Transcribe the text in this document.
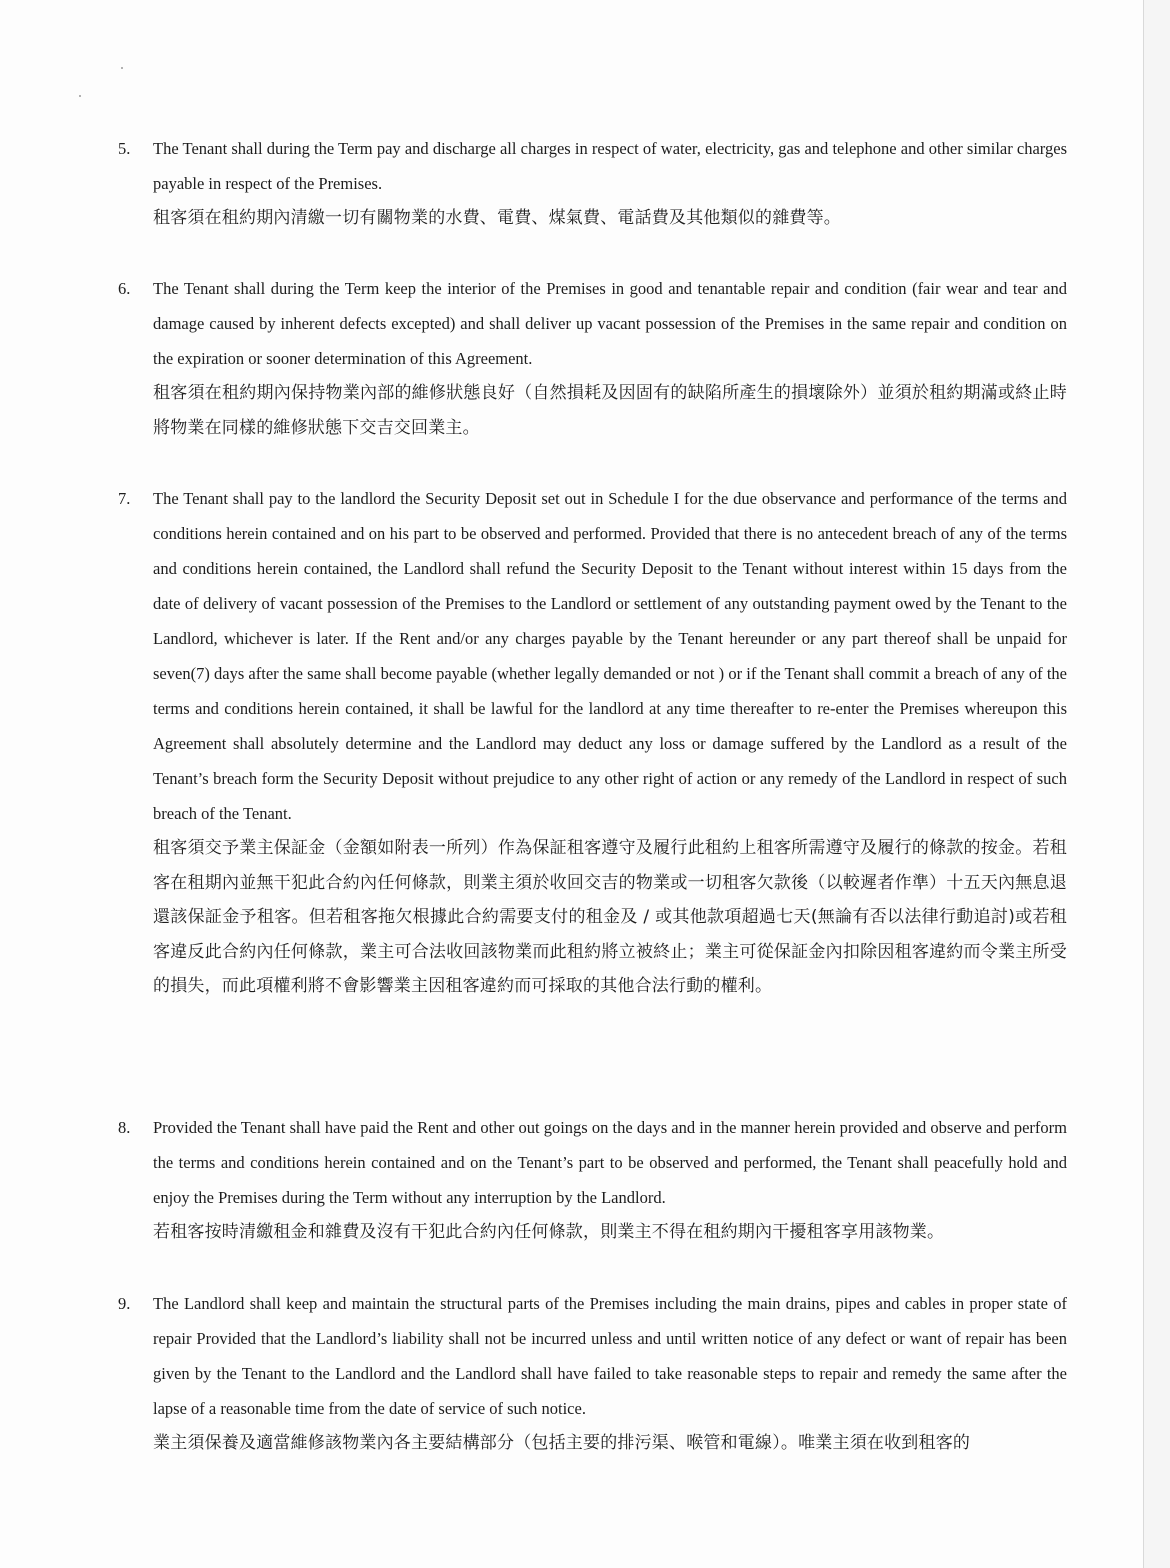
5. The Tenant shall during the Term pay and discharge all charges in respect of water, electricity, gas and telephone and other similar charges payable in respect of the Premises.

租客須在租約期內清繳一切有關物業的水費、電費、煤氣費、電話費及其他類似的雜費等。

6. The Tenant shall during the Term keep the interior of the Premises in good and tenantable repair and condition (fair wear and tear and damage caused by inherent defects excepted) and shall deliver up vacant possession of the Premises in the same repair and condition on the expiration or sooner determination of this Agreement.

租客須在租約期內保持物業內部的維修狀態良好（自然損耗及因固有的缺陷所產生的損壞除外）並須於租約期滿或終止時將物業在同樣的維修狀態下交吉交回業主。

7. The Tenant shall pay to the landlord the Security Deposit set out in Schedule I for the due observance and performance of the terms and conditions herein contained and on his part to be observed and performed. Provided that there is no antecedent breach of any of the terms and conditions herein contained, the Landlord shall refund the Security Deposit to the Tenant without interest within 15 days from the date of delivery of vacant possession of the Premises to the Landlord or settlement of any outstanding payment owed by the Tenant to the Landlord, whichever is later. If the Rent and/or any charges payable by the Tenant hereunder or any part thereof shall be unpaid for seven(7) days after the same shall become payable (whether legally demanded or not ) or if the Tenant shall commit a breach of any of the terms and conditions herein contained, it shall be lawful for the landlord at any time thereafter to re-enter the Premises whereupon this Agreement shall absolutely determine and the Landlord may deduct any loss or damage suffered by the Landlord as a result of the Tenant’s breach form the Security Deposit without prejudice to any other right of action or any remedy of the Landlord in respect of such breach of the Tenant.

租客須交予業主保証金（金額如附表一所列）作為保証租客遵守及履行此租約上租客所需遵守及履行的條款的按金。若租客在租期內並無干犯此合約內任何條款，則業主須於收回交吉的物業或一切租客欠款後（以較遲者作準）十五天內無息退還該保証金予租客。但若租客拖欠根據此合約需要支付的租金及 / 或其他款項超過七天(無論有否以法律行動追討)或若租客違反此合約內任何條款，業主可合法收回該物業而此租約將立被終止；業主可從保証金內扣除因租客違約而令業主所受的損失，而此項權利將不會影響業主因租客違約而可採取的其他合法行動的權利。

8. Provided the Tenant shall have paid the Rent and other out goings on the days and in the manner herein provided and observe and perform the terms and conditions herein contained and on the Tenant’s part to be observed and performed, the Tenant shall peacefully hold and enjoy the Premises during the Term without any interruption by the Landlord.

若租客按時清繳租金和雜費及沒有干犯此合約內任何條款，則業主不得在租約期內干擾租客享用該物業。

9. The Landlord shall keep and maintain the structural parts of the Premises including the main drains, pipes and cables in proper state of repair Provided that the Landlord’s liability shall not be incurred unless and until written notice of any defect or want of repair has been given by the Tenant to the Landlord and the Landlord shall have failed to take reasonable steps to repair and remedy the same after the lapse of a reasonable time from the date of service of such notice.

業主須保養及適當維修該物業內各主要結構部分（包括主要的排污渠、喉管和電線）。唯業主須在收到租客的
